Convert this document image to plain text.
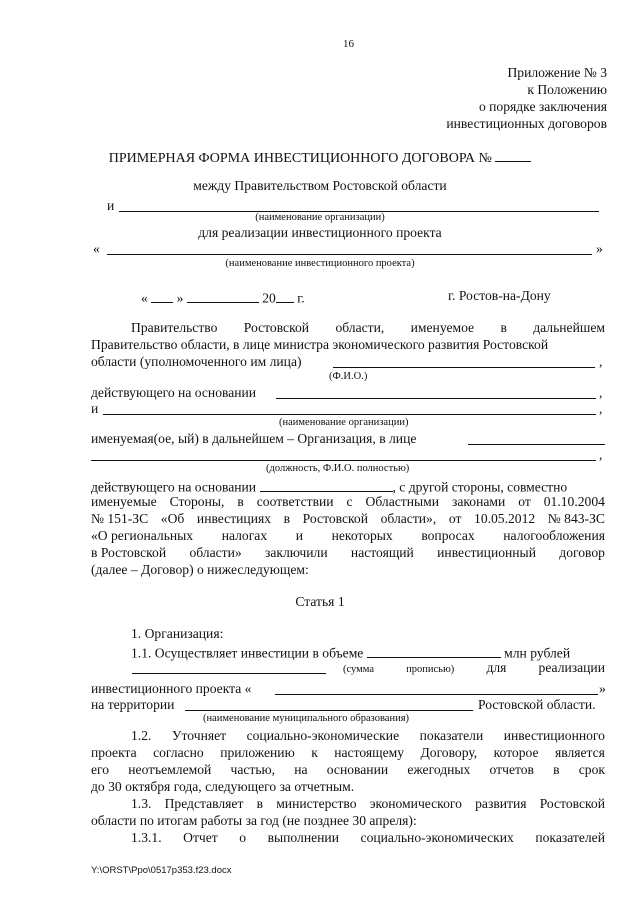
16
Приложение № 3
к Положению
о порядке заключения
инвестиционных договоров
ПРИМЕРНАЯ ФОРМА ИНВЕСТИЦИОННОГО ДОГОВОРА №
между Правительством Ростовской области
и
(наименование организации)
для реализации инвестиционного проекта
«	»
(наименование инвестиционного проекта)
« »	20 г.	г. Ростов-на-Дону
Правительство Ростовской области, именуемое в дальнейшем
Правительство области, в лице министра экономического развития Ростовской
области (уполномоченного им лица)	,
(Ф.И.О.)
действующего на основании	,
и	,
(наименование организации)
именуемая(ое, ый) в дальнейшем – Организация, в лице
,
(должность, Ф.И.О. полностью)
действующего на основании	, с другой стороны, совместно
именуемые Стороны, в соответствии с Областными законами от 01.10.2004
№ 151-ЗС «Об инвестициях в Ростовской области», от 10.05.2012 № 843-ЗС
«О региональных налогах и некоторых вопросах налогообложения
в Ростовской области» заключили настоящий инвестиционный договор
(далее – Договор) о нижеследующем:
Статья 1
1. Организация:
1.1. Осуществляет инвестиции в объеме	млн рублей
(сумма	прописью) для реализации
инвестиционного проекта «	»
на территории	Ростовской области.
(наименование муниципального образования)
1.2. Уточняет социально-экономические показатели инвестиционного
проекта согласно приложению к настоящему Договору, которое является
его неотъемлемой частью, на основании ежегодных отчетов в срок
до 30 октября года, следующего за отчетным.
1.3. Представляет в министерство экономического развития Ростовской
области по итогам работы за год (не позднее 30 апреля):
1.3.1. Отчет о выполнении социально-экономических показателей
Y:\ORST\Ppo\0517p353.f23.docx
